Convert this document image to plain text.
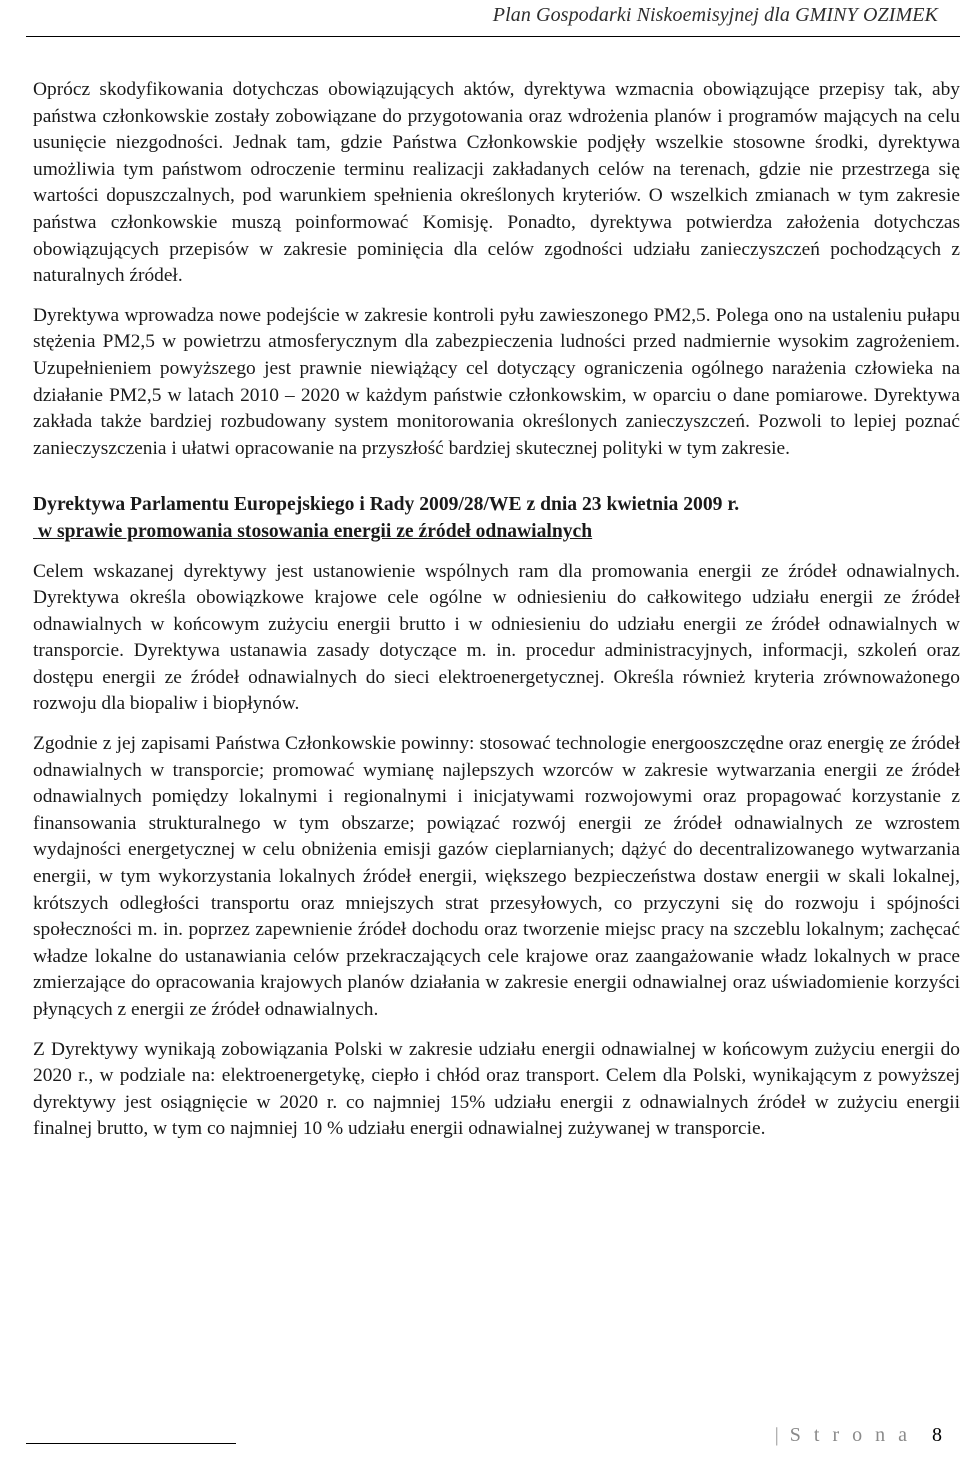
Plan Gospodarki Niskoemisyjnej dla GMINY OZIMEK

Oprócz skodyfikowania dotychczas obowiązujących aktów, dyrektywa wzmacnia obowiązujące przepisy tak, aby państwa członkowskie zostały zobowiązane do przygotowania oraz wdrożenia planów i programów mających na celu usunięcie niezgodności. Jednak tam, gdzie Państwa Członkowskie podjęły wszelkie stosowne środki, dyrektywa umożliwia tym państwom odroczenie terminu realizacji zakładanych celów na terenach, gdzie nie przestrzega się wartości dopuszczalnych, pod warunkiem spełnienia określonych kryteriów. O wszelkich zmianach w tym zakresie państwa członkowskie muszą poinformować Komisję. Ponadto, dyrektywa potwierdza założenia dotychczas obowiązujących przepisów w zakresie pominięcia dla celów zgodności udziału zanieczyszczeń pochodzących z naturalnych źródeł.

Dyrektywa wprowadza nowe podejście w zakresie kontroli pyłu zawieszonego PM2,5. Polega ono na ustaleniu pułapu stężenia PM2,5 w powietrzu atmosferycznym dla zabezpieczenia ludności przed nadmiernie wysokim zagrożeniem. Uzupełnieniem powyższego jest prawnie niewiążący cel dotyczący ograniczenia ogólnego narażenia człowieka na działanie PM2,5 w latach 2010 – 2020 w każdym państwie członkowskim, w oparciu o dane pomiarowe. Dyrektywa zakłada także bardziej rozbudowany system monitorowania określonych zanieczyszczeń. Pozwoli to lepiej poznać zanieczyszczenia i ułatwi opracowanie na przyszłość bardziej skutecznej polityki w tym zakresie.

Dyrektywa Parlamentu Europejskiego i Rady 2009/28/WE z dnia 23 kwietnia 2009 r.
w sprawie promowania stosowania energii ze źródeł odnawialnych

Celem wskazanej dyrektywy jest ustanowienie wspólnych ram dla promowania energii ze źródeł odnawialnych. Dyrektywa określa obowiązkowe krajowe cele ogólne w odniesieniu do całkowitego udziału energii ze źródeł odnawialnych w końcowym zużyciu energii brutto i w odniesieniu do udziału energii ze źródeł odnawialnych w transporcie. Dyrektywa ustanawia zasady dotyczące m. in. procedur administracyjnych, informacji, szkoleń oraz dostępu energii ze źródeł odnawialnych do sieci elektroenergetycznej. Określa również kryteria zrównoważonego rozwoju dla biopaliw i biopłynów.

Zgodnie z jej zapisami Państwa Członkowskie powinny: stosować technologie energooszczędne oraz energię ze źródeł odnawialnych w transporcie; promować wymianę najlepszych wzorców w zakresie wytwarzania energii ze źródeł odnawialnych pomiędzy lokalnymi i regionalnymi i inicjatywami rozwojowymi oraz propagować korzystanie z finansowania strukturalnego w tym obszarze; powiązać rozwój energii ze źródeł odnawialnych ze wzrostem wydajności energetycznej w celu obniżenia emisji gazów cieplarnianych; dążyć do decentralizowanego wytwarzania energii, w tym wykorzystania lokalnych źródeł energii, większego bezpieczeństwa dostaw energii w skali lokalnej, krótszych odległości transportu oraz mniejszych strat przesyłowych, co przyczyni się do rozwoju i spójności społeczności m. in. poprzez zapewnienie źródeł dochodu oraz tworzenie miejsc pracy na szczeblu lokalnym; zachęcać władze lokalne do ustanawiania celów przekraczających cele krajowe oraz zaangażowanie władz lokalnych w prace zmierzające do opracowania krajowych planów działania w zakresie energii odnawialnej oraz uświadomienie korzyści płynących z energii ze źródeł odnawialnych.

Z Dyrektywy wynikają zobowiązania Polski w zakresie udziału energii odnawialnej w końcowym zużyciu energii do 2020 r., w podziale na: elektroenergetykę, ciepło i chłód oraz transport. Celem dla Polski, wynikającym z powyższej dyrektywy jest osiągnięcie w 2020 r. co najmniej 15% udziału energii z odnawialnych źródeł w zużyciu energii finalnej brutto, w tym co najmniej 10 % udziału energii odnawialnej zużywanej w transporcie.

| S t r o n a 8
